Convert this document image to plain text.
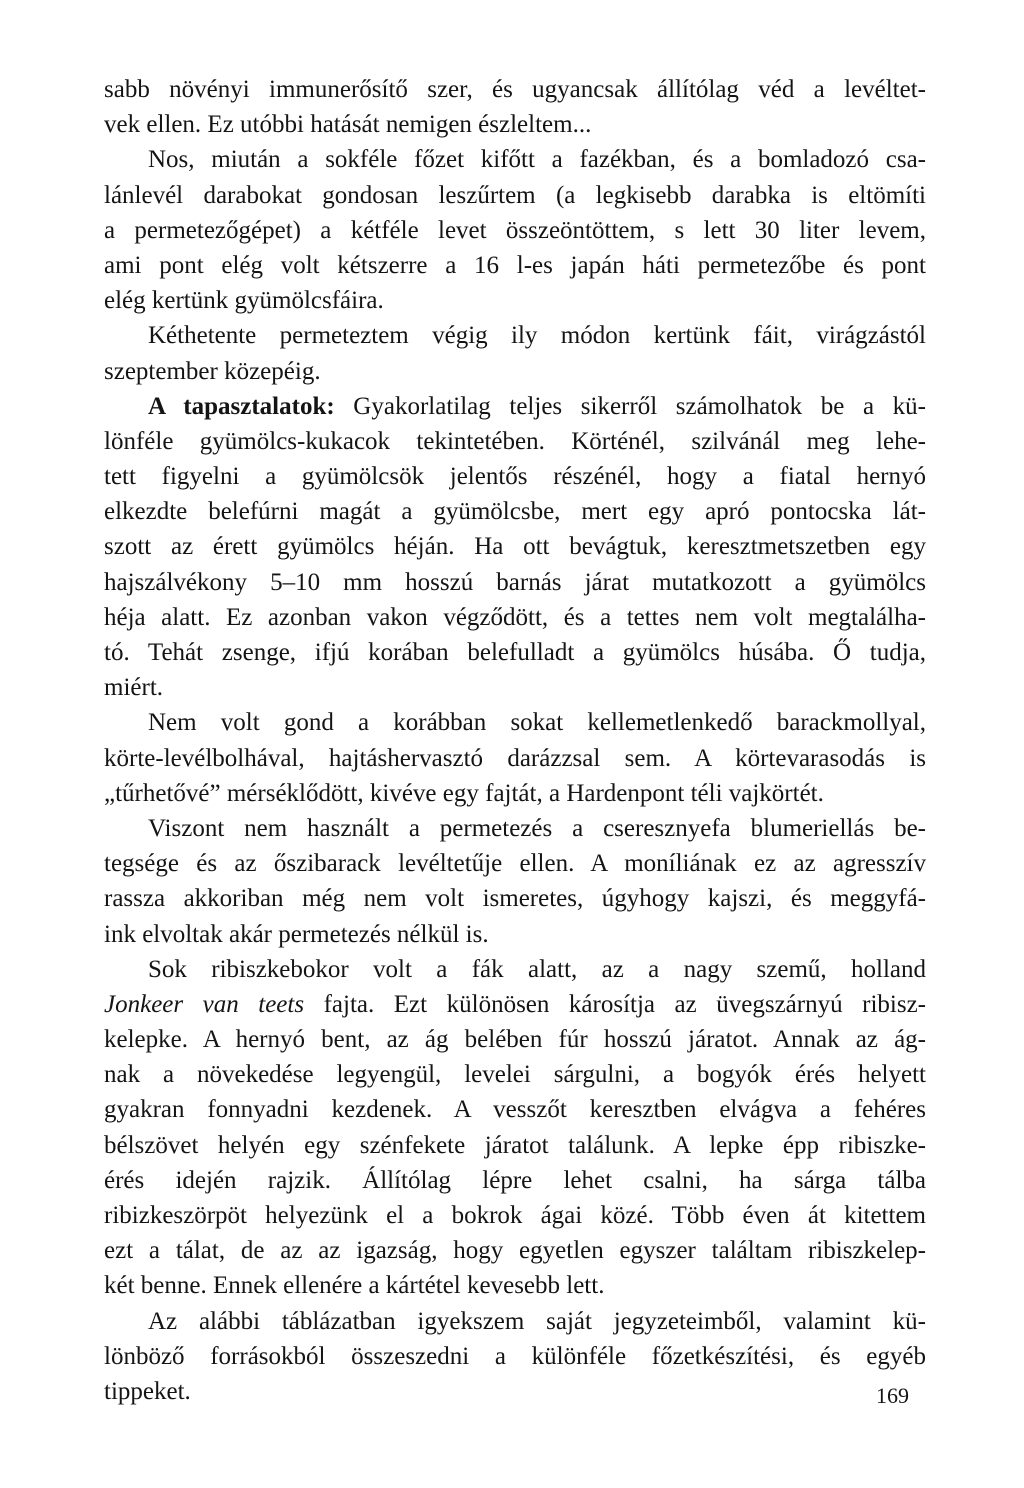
sabb növényi immunerősítő szer, és ugyancsak állítólag véd a levéltet-
vek ellen. Ez utóbbi hatását nemigen észleltem...
Nos, miután a sokféle főzet kifőtt a fazékban, és a bomladozó csa-
lánlevél darabokat gondosan leszűrtem (a legkisebb darabka is eltömíti
a permetezőgépet) a kétféle levet összeöntöttem, s lett 30 liter levem,
ami pont elég volt kétszerre a 16 l-es japán háti permetezőbe és pont
elég kertünk gyümölcsfáira.
Kéthetente permeteztem végig ily módon kertünk fáit, virágzástól
szeptember közepéig.
A tapasztalatok: Gyakorlatilag teljes sikerről számolhatok be a kü-
lönféle gyümölcs-kukacok tekintetében. Körténél, szilvánál meg lehe-
tett figyelni a gyümölcsök jelentős részénél, hogy a fiatal hernyó
elkezdte belefúrni magát a gyümölcsbe, mert egy apró pontocska lát-
szott az érett gyümölcs héján. Ha ott bevágtuk, keresztmetszetben egy
hajszálvékony 5–10 mm hosszú barnás járat mutatkozott a gyümölcs
héja alatt. Ez azonban vakon végződött, és a tettes nem volt megtalálha-
tó. Tehát zsenge, ifjú korában belefulladt a gyümölcs húsába. Ő tudja,
miért.
Nem volt gond a korábban sokat kellemetlenkedő barackmollyal,
körte-levélbolhával, hajtáshervasztó darázzsal sem. A körtevarasodás is
„tűrhetővé” mérséklődött, kivéve egy fajtát, a Hardenpont téli vajkörtét.
Viszont nem használt a permetezés a cseresznyefa blumeriellás be-
tegsége és az őszibarack levéltetűje ellen. A moníliának ez az agresszív
rassza akkoriban még nem volt ismeretes, úgyhogy kajszi, és meggyfá-
ink elvoltak akár permetezés nélkül is.
Sok ribiszkebokor volt a fák alatt, az a nagy szemű, holland
Jonkeer van teets fajta. Ezt különösen károsítja az üvegszárnyú ribisz-
kelepke. A hernyó bent, az ág belében fúr hosszú járatot. Annak az ág-
nak a növekedése legyengül, levelei sárgulni, a bogyók érés helyett
gyakran fonnyadni kezdenek. A vesszőt keresztben elvágva a fehéres
bélszövet helyén egy szénfekete járatot találunk. A lepke épp ribiszke-
érés idején rajzik. Állítólag lépre lehet csalni, ha sárga tálba
ribizkeszörpöt helyezünk el a bokrok ágai közé. Több éven át kitettem
ezt a tálat, de az az igazság, hogy egyetlen egyszer találtam ribiszkelep-
két benne. Ennek ellenére a kártétel kevesebb lett.
Az alábbi táblázatban igyekszem saját jegyzeteimből, valamint kü-
lönböző forrásokból összeszedni a különféle főzetkészítési, és egyéb
tippeket.	169
